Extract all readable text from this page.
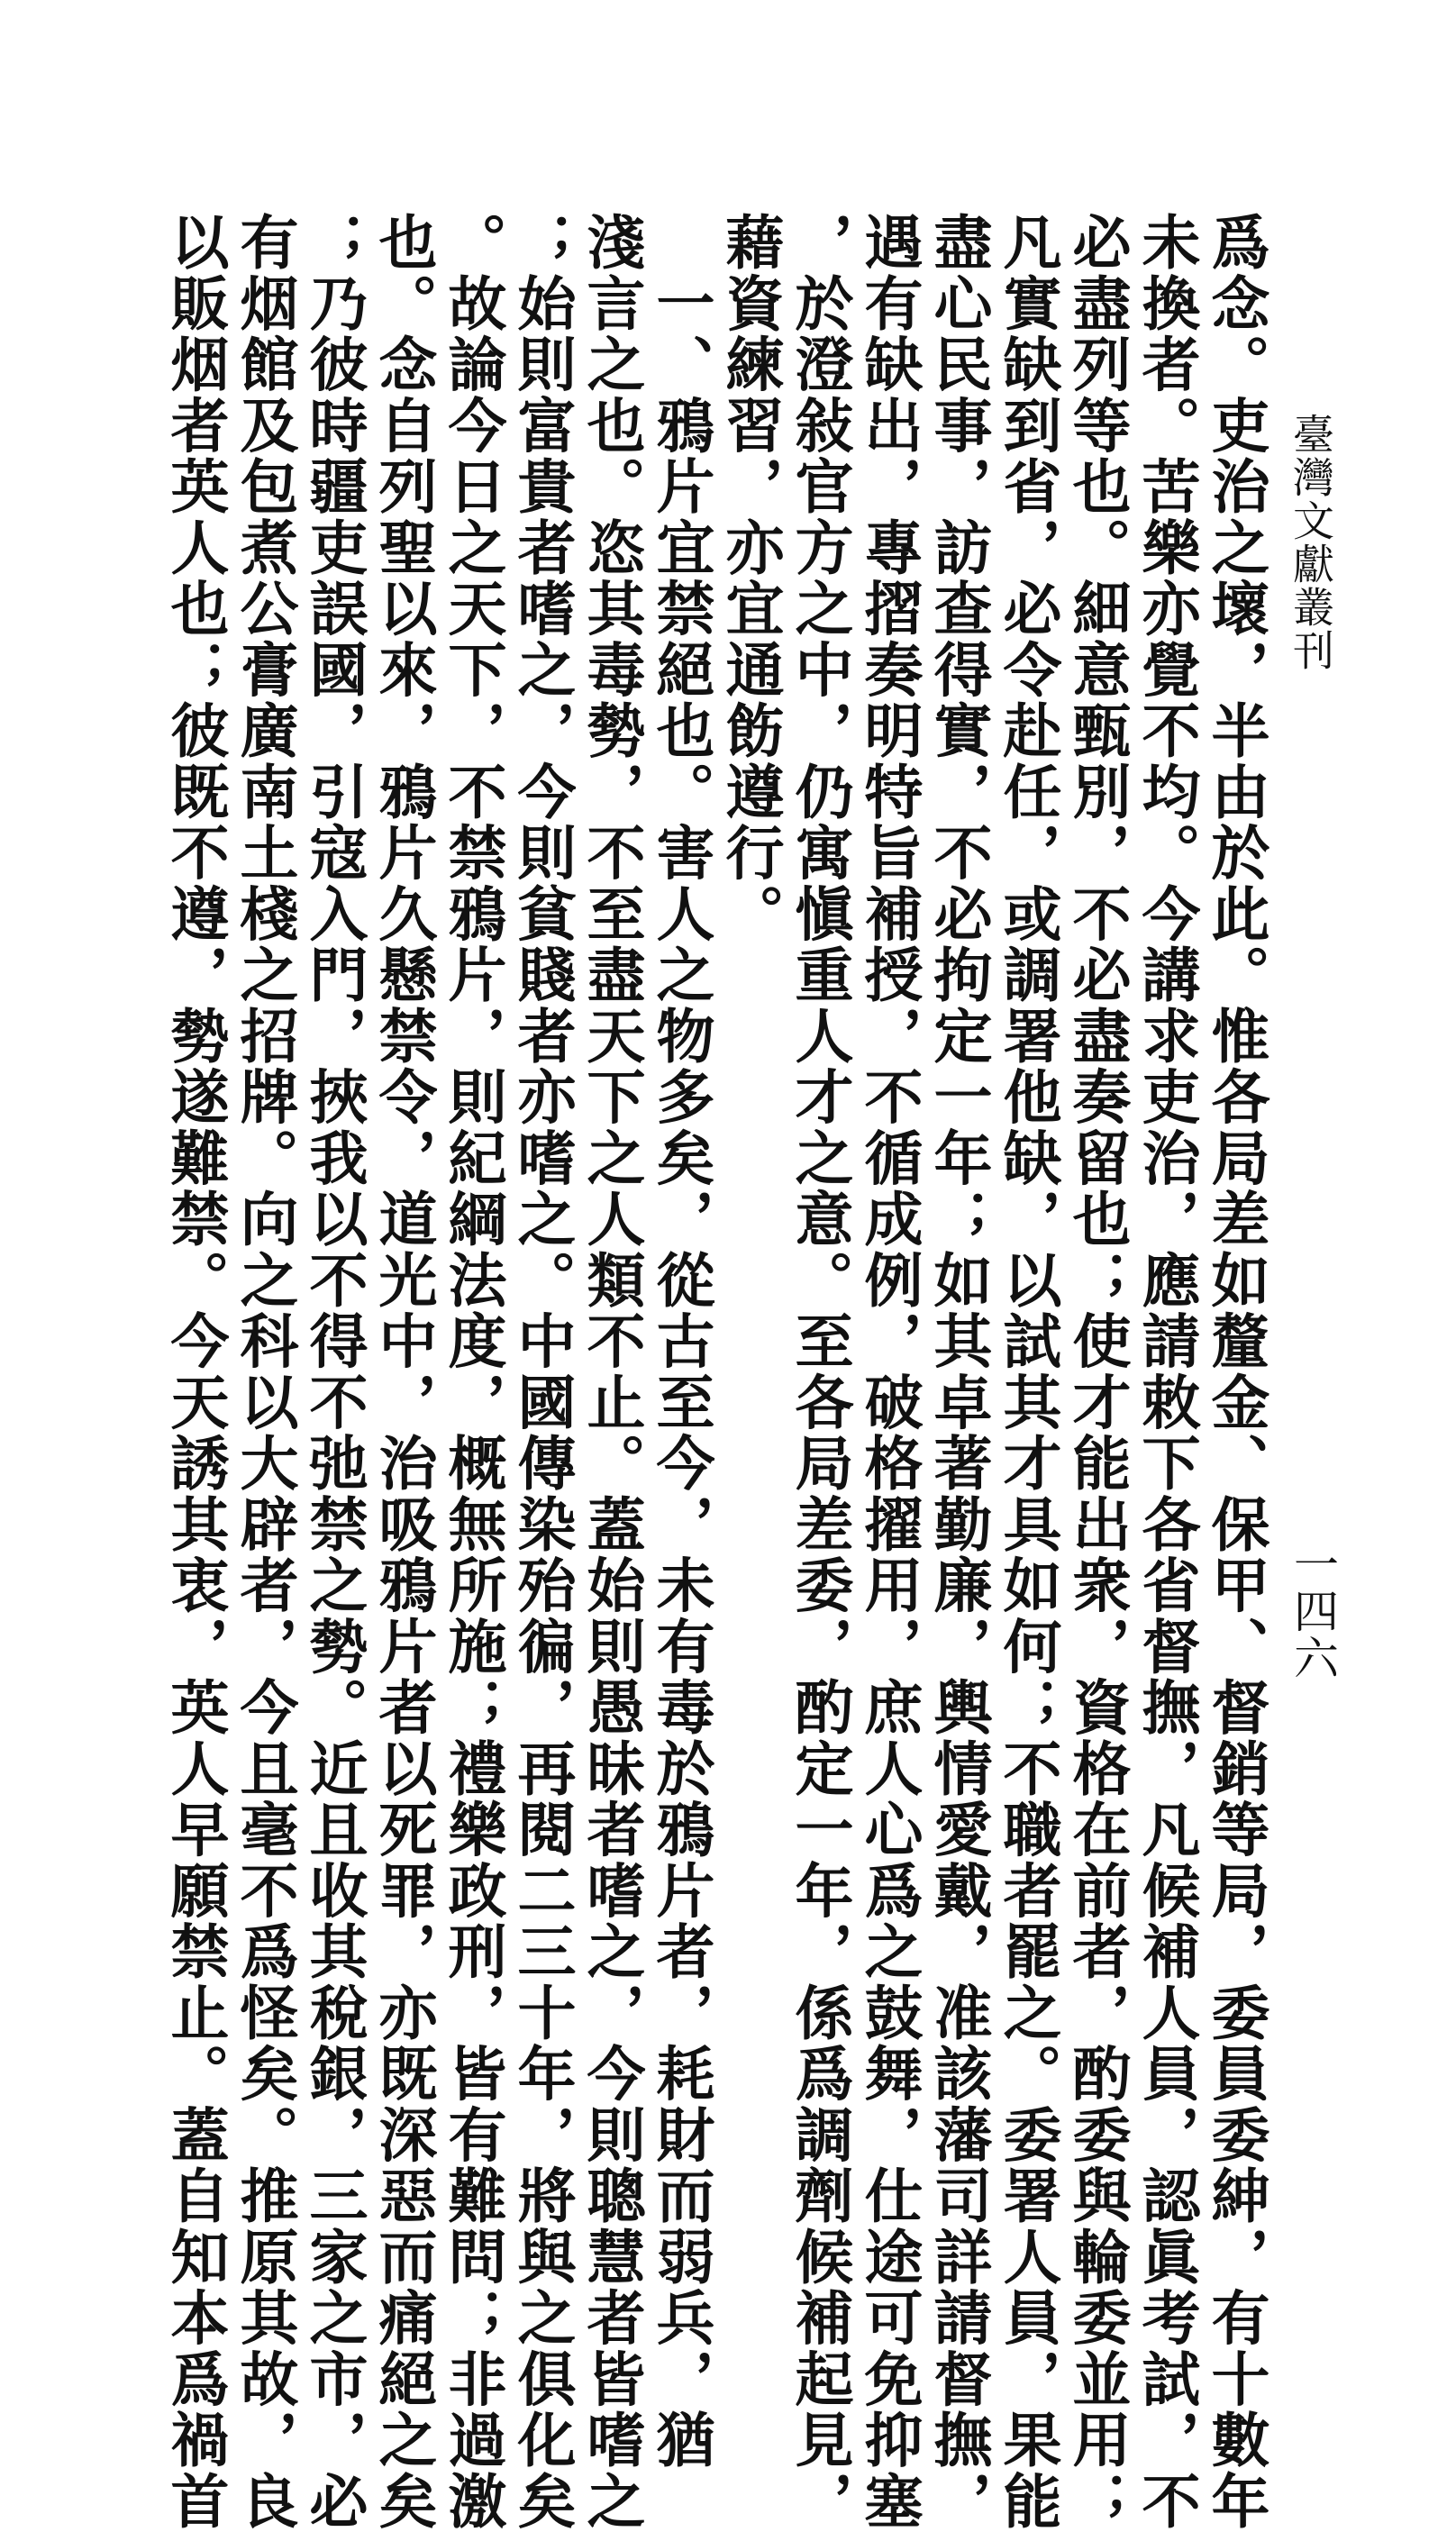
臺灣文獻叢刊
一四六
爲念。吏治之壞，半由於此。惟各局差如釐金、保甲、督銷等局，委員委紳，有十數年
未換者。苦樂亦覺不均。今講求吏治，應請敕下各省督撫，凡候補人員，認眞考試，不
必盡列等也。細意甄別，不必盡奏留也；使才能出衆，資格在前者，酌委與輪委並用；
凡實缺到省，必令赴任，或調署他缺，以試其才具如何；不職者罷之。委署人員，果能
盡心民事，訪查得實，不必拘定一年；如其卓著勤廉，輿情愛戴，准該藩司詳請督撫，
遇有缺出，專摺奏明特旨補授，不循成例，破格擢用，庶人心爲之鼓舞，仕途可免抑塞
，於澄敍官方之中，仍寓愼重人才之意。至各局差委，酌定一年，係爲調劑候補起見，
藉資練習，亦宜通飭遵行。
　一、鴉片宜禁絕也。害人之物多矣，從古至今，未有毒於鴉片者，耗財而弱兵，猶
淺言之也。恣其毒勢，不至盡天下之人類不止。蓋始則愚昧者嗜之，今則聰慧者皆嗜之
；始則富貴者嗜之，今則貧賤者亦嗜之。中國傳染殆徧，再閱二三十年，將與之俱化矣
。故論今日之天下，不禁鴉片，則紀綱法度，概無所施；禮樂政刑，皆有難問；非過激
也。念自列聖以來，鴉片久懸禁令，道光中，治吸鴉片者以死罪，亦既深惡而痛絕之矣
；乃彼時疆吏誤國，引寇入門，挾我以不得不弛禁之勢。近且收其稅銀，三家之市，必
有烟館及包煮公膏廣南土棧之招牌。向之科以大辟者，今且毫不爲怪矣。推原其故，良
以販烟者英人也；彼既不遵，勢遂難禁。今天誘其衷，英人早願禁止。蓋自知本爲禍首
